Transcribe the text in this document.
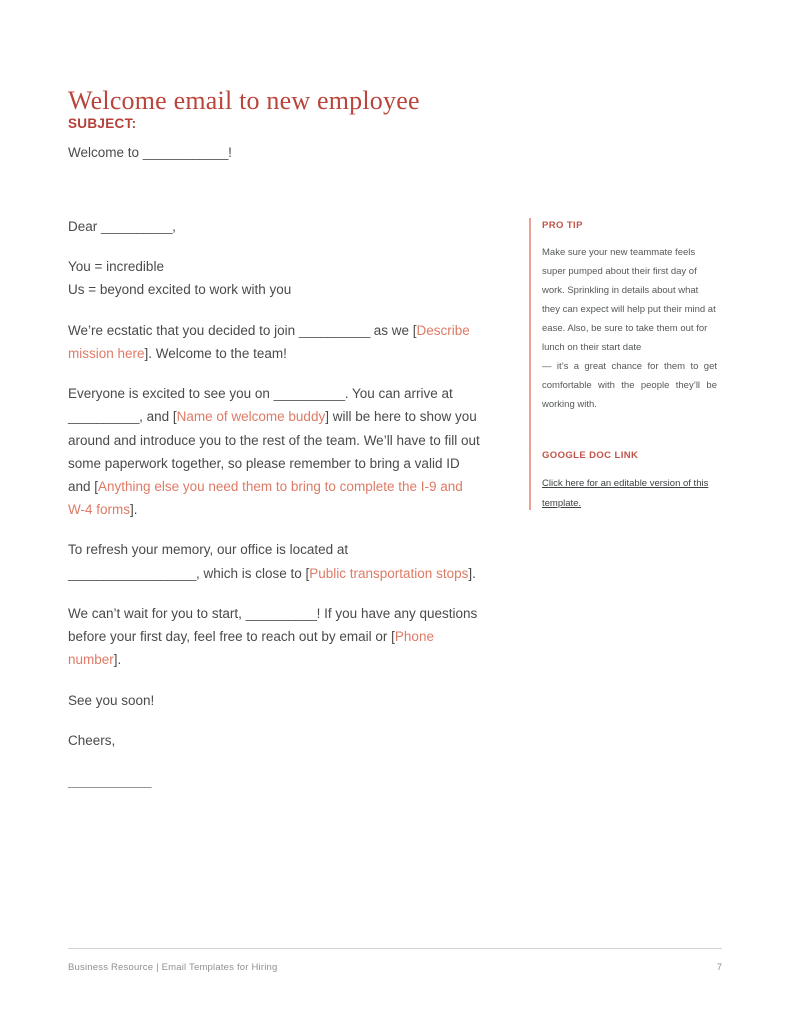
Welcome email to new employee
SUBJECT:
Welcome to ____________!

Dear __________,

You = incredible
Us = beyond excited to work with you

We’re ecstatic that you decided to join __________ as we [Describe mission here]. Welcome to the team!

Everyone is excited to see you on __________. You can arrive at __________, and [Name of welcome buddy] will be here to show you around and introduce you to the rest of the team. We’ll have to fill out some paperwork together, so please remember to bring a valid ID and [Anything else you need them to bring to complete the I-9 and W-4 forms].

To refresh your memory, our office is located at __________________, which is close to [Public transportation stops].

We can’t wait for you to start, __________! If you have any questions before your first day, feel free to reach out by email or [Phone number].

See you soon!

Cheers,

____________

PRO TIP
Make sure your new teammate feels super pumped about their first day of work. Sprinkling in details about what they can expect will help put their mind at ease. Also, be sure to take them out for lunch on their start date
— it’s a great chance for them to get comfortable with the people they’ll be working with.
GOOGLE DOC LINK
Click here for an editable version of this template.
Business Resource | Email Templates for Hiring	7
